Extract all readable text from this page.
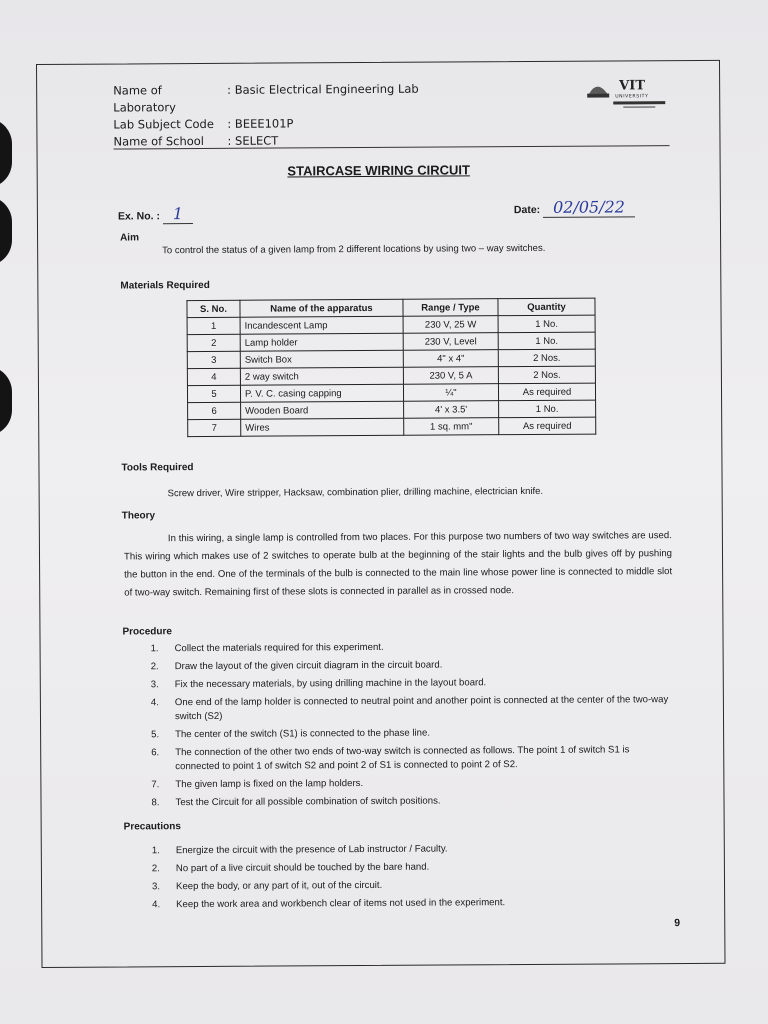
Name of Laboratory
: Basic Electrical Engineering Lab
Lab Subject Code	: BEEE101P
Name of School	: SELECT
VIT
UNIVERSITY
STAIRCASE WIRING CIRCUIT
Ex. No. : 1	Date: 02/05/22
Aim
To control the status of a given lamp from 2 different locations by using two – way switches.
Materials Required
S. No.	Name of the apparatus	Range / Type	Quantity
1	Incandescent Lamp	230 V, 25 W	1 No.
2	Lamp holder	230 V, Level	1 No.
3	Switch Box	4" x 4"	2 Nos.
4	2 way switch	230 V, 5 A	2 Nos.
5	P. V. C. casing capping	¼"	As required
6	Wooden Board	4' x 3.5'	1 No.
7	Wires	1 sq. mm"	As required
Tools Required
Screw driver, Wire stripper, Hacksaw, combination plier, drilling machine, electrician knife.
Theory

In this wiring, a single lamp is controlled from two places. For this purpose two numbers of two way switches are used. This wiring which makes use of 2 switches to operate bulb at the beginning of the stair lights and the bulb gives off by pushing the button in the end. One of the terminals of the bulb is connected to the main line whose power line is connected to middle slot of two-way switch. Remaining first of these slots is connected in parallel as in crossed node.

Procedure
1. Collect the materials required for this experiment.
2. Draw the layout of the given circuit diagram in the circuit board.
3. Fix the necessary materials, by using drilling machine in the layout board.
4. One end of the lamp holder is connected to neutral point and another point is connected at the center of the two-way switch (S2)
5. The center of the switch (S1) is connected to the phase line.
6. The connection of the other two ends of two-way switch is connected as follows. The point 1 of switch S1 is connected to point 1 of switch S2 and point 2 of S1 is connected to point 2 of S2.
7. The given lamp is fixed on the lamp holders.
8. Test the Circuit for all possible combination of switch positions.
Precautions
1. Energize the circuit with the presence of Lab instructor / Faculty.
2. No part of a live circuit should be touched by the bare hand.
3. Keep the body, or any part of it, out of the circuit.
4. Keep the work area and workbench clear of items not used in the experiment.
9
